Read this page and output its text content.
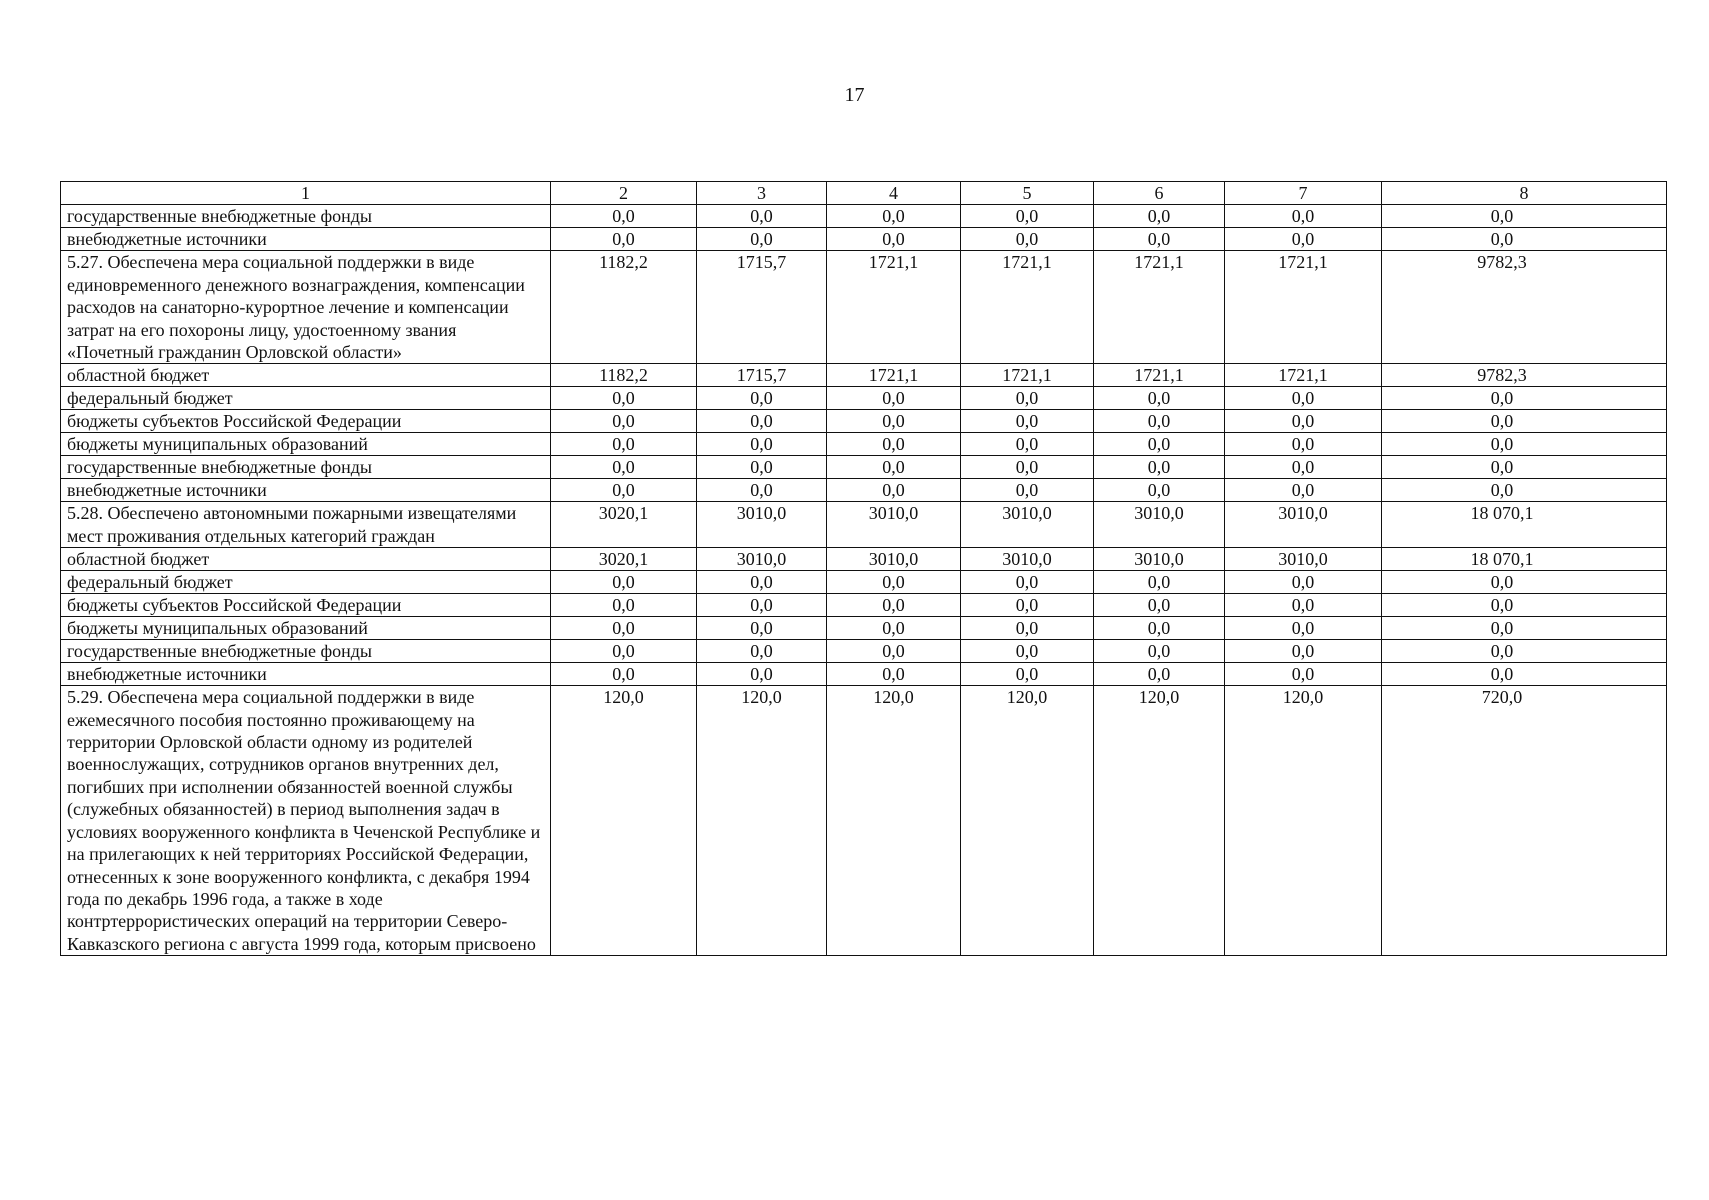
17
1	2	3	4	5	6	7	8
государственные внебюджетные фонды	0,0	0,0	0,0	0,0	0,0	0,0	0,0
внебюджетные источники	0,0	0,0	0,0	0,0	0,0	0,0	0,0
5.27. Обеспечена мера социальной поддержки в виде единовременного денежного вознаграждения, компенсации расходов на санаторно-курортное лечение и компенсации затрат на его похороны лицу, удостоенному звания «Почетный гражданин Орловской области»	1182,2	1715,7	1721,1	1721,1	1721,1	1721,1	9782,3
областной бюджет	1182,2	1715,7	1721,1	1721,1	1721,1	1721,1	9782,3
федеральный бюджет	0,0	0,0	0,0	0,0	0,0	0,0	0,0
бюджеты субъектов Российской Федерации	0,0	0,0	0,0	0,0	0,0	0,0	0,0
бюджеты муниципальных образований	0,0	0,0	0,0	0,0	0,0	0,0	0,0
государственные внебюджетные фонды	0,0	0,0	0,0	0,0	0,0	0,0	0,0
внебюджетные источники	0,0	0,0	0,0	0,0	0,0	0,0	0,0
5.28. Обеспечено автономными пожарными извещателями мест проживания отдельных категорий граждан	3020,1	3010,0	3010,0	3010,0	3010,0	3010,0	18 070,1
областной бюджет	3020,1	3010,0	3010,0	3010,0	3010,0	3010,0	18 070,1
федеральный бюджет	0,0	0,0	0,0	0,0	0,0	0,0	0,0
бюджеты субъектов Российской Федерации	0,0	0,0	0,0	0,0	0,0	0,0	0,0
бюджеты муниципальных образований	0,0	0,0	0,0	0,0	0,0	0,0	0,0
государственные внебюджетные фонды	0,0	0,0	0,0	0,0	0,0	0,0	0,0
внебюджетные источники	0,0	0,0	0,0	0,0	0,0	0,0	0,0
5.29. Обеспечена мера социальной поддержки в виде ежемесячного пособия постоянно проживающему на территории Орловской области одному из родителей военнослужащих, сотрудников органов внутренних дел, погибших при исполнении обязанностей военной службы (служебных обязанностей) в период выполнения задач в условиях вооруженного конфликта в Чеченской Республике и на прилегающих к ней территориях Российской Федерации, отнесенных к зоне вооруженного конфликта, с декабря 1994 года по декабрь 1996 года, а также в ходе контртеррористических операций на территории Северо-Кавказского региона с августа 1999 года, которым присвоено	120,0	120,0	120,0	120,0	120,0	120,0	720,0
